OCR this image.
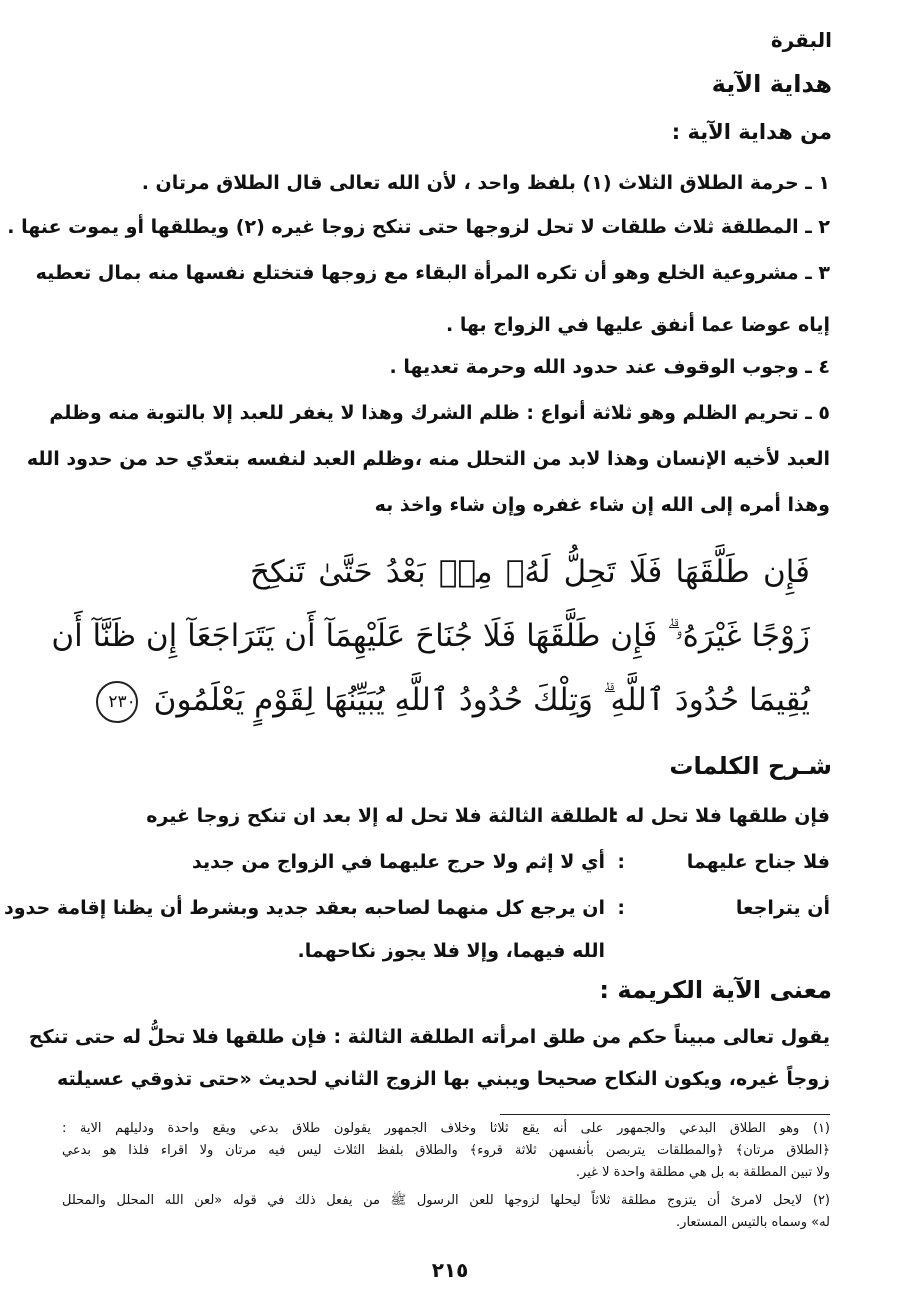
البقرة
هداية الآية
من هداية الآية :
١ ـ حرمة الطلاق الثلاث (١) بلفظ واحد ، لأن الله تعالى قال الطلاق مرتان .
٢ ـ المطلقة ثلاث طلقات لا تحل لزوجها حتى تنكح زوجا غيره (٢) ويطلقها أو يموت عنها .
٣ ـ مشروعية الخلع وهو أن تكره المرأة البقاء مع زوجها فتختلع نفسها منه بمال تعطيه
إياه عوضا عما أنفق عليها في الزواج بها .
٤ ـ وجوب الوقوف عند حدود الله وحرمة تعديها .
٥ ـ تحريم الظلم وهو ثلاثة أنواع : ظلم الشرك وهذا لا يغفر للعبد إلا بالتوبة منه وظلم
العبد لأخيه الإنسان وهذا لابد من التحلل منه ،وظلم العبد لنفسه بتعدّي حد من حدود الله
وهذا أمره إلى الله إن شاء غفره وإن شاء واخذ به
فَإِن طَلَّقَهَا فَلَا تَحِلُّ لَهُۥ مِنۢ بَعْدُ حَتَّىٰ تَنكِحَ
زَوْجًا غَيْرَهُۥ ۗ فَإِن طَلَّقَهَا فَلَا جُنَاحَ عَلَيْهِمَآ أَن يَتَرَاجَعَآ إِن ظَنَّآ أَن
يُقِيمَا حُدُودَ ٱللَّهِ ۗ وَتِلْكَ حُدُودُ ٱللَّهِ يُبَيِّنُهَا لِقَوْمٍ يَعْلَمُونَ ٢٣٠
شـرح الكلمات
فإن طلقها فلا تحل له :
الطلقة الثالثة فلا تحل له إلا بعد ان تنكح زوجا غيره
فلا جناح عليهما
:
أي لا إثم ولا حرج عليهما في الزواج من جديد
أن يتراجعا
:
ان يرجع كل منهما لصاحبه بعقد جديد وبشرط أن يظنا إقامة حدود
الله فيهما، وإلا فلا يجوز نكاحهما.
معنى الآية الكريمة :
يقول تعالى مبيناً حكم من طلق امرأته الطلقة الثالثة : فإن طلقها فلا تحلُّ له حتى تنكح
زوجاً غيره، ويكون النكاح صحيحا ويبني بها الزوج الثاني لحديث «حتى تذوقي عسيلته
(١) وهو الطلاق البدعي والجمهور على أنه يقع ثلاثا وخلاف الجمهور يقولون طلاق بدعي ويقع واحدة ودليلهم الاية :
﴿الطلاق مرتان﴾ ﴿والمطلقات يتربصن بأنفسهن ثلاثة قروء﴾ والطلاق بلفظ الثلاث ليس فيه مرتان ولا اقراء فلذا هو بدعي
ولا تبين المطلقة به بل هي مطلقة واحدة لا غير.
(٢) لايحل لامرئ أن يتزوج مطلقة ثلاثاً ليحلها لزوجها للعن الرسول ﷺ من يفعل ذلك في قوله «لعن الله المحلل والمحلل
له» وسماه بالتيس المستعار.
٢١٥
